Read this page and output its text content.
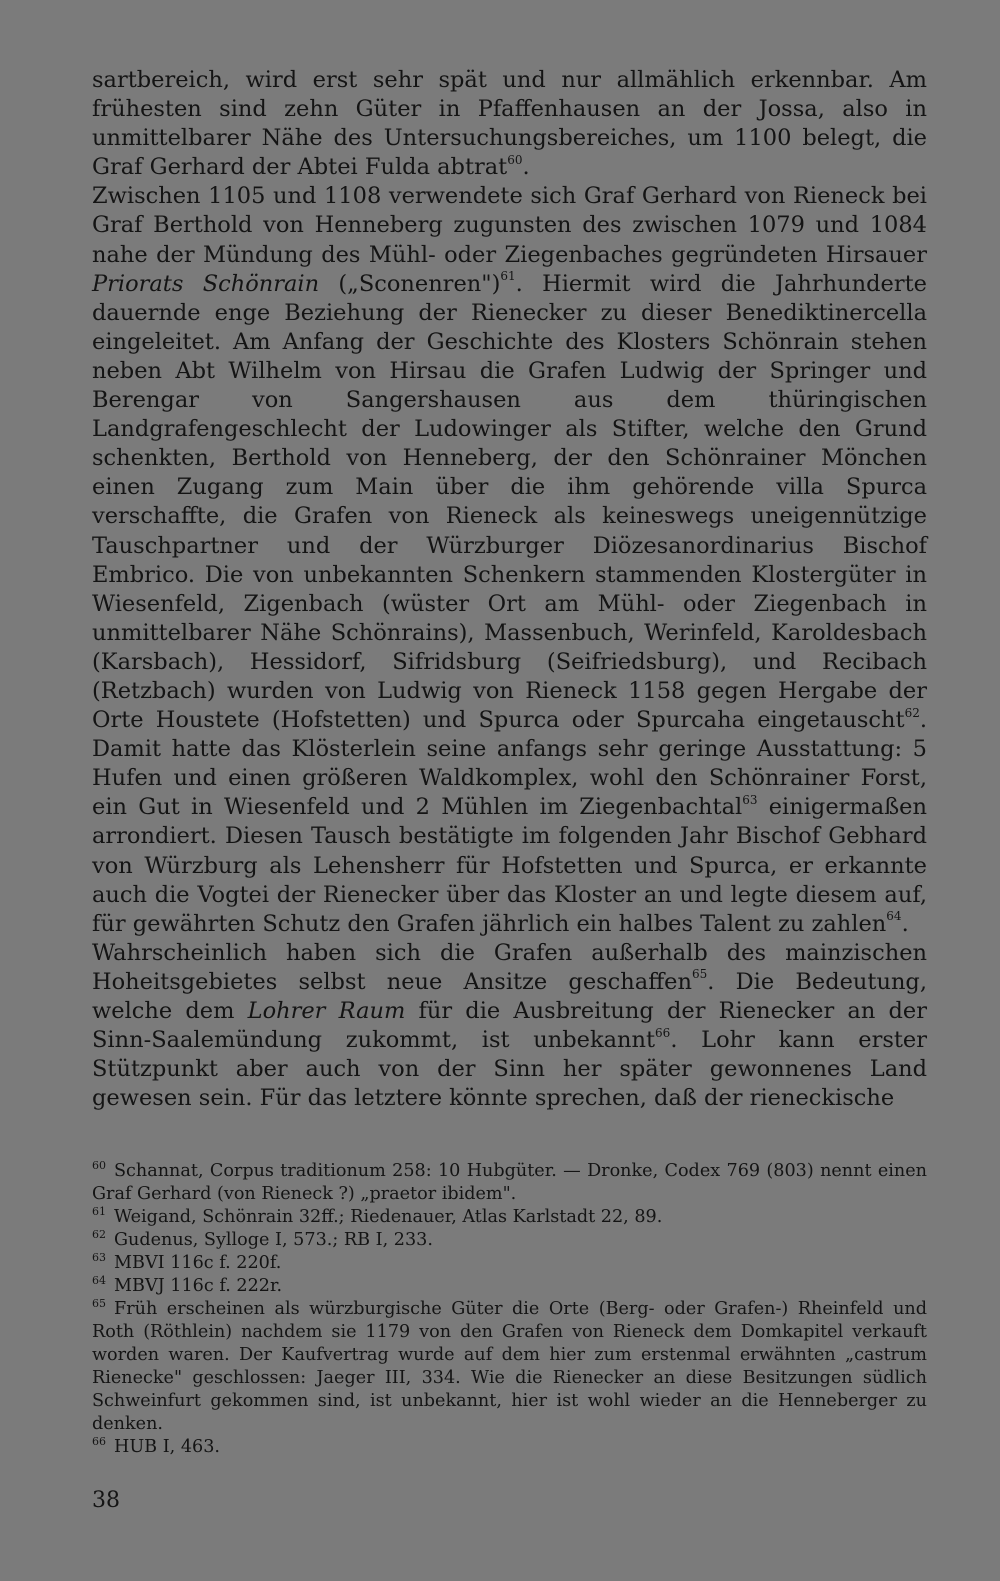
sartbereich, wird erst sehr spät und nur allmählich erkennbar. Am frühesten sind zehn Güter in Pfaffenhausen an der Jossa, also in unmittelbarer Nähe des Untersuchungsbereiches, um 1100 belegt, die Graf Gerhard der Abtei Fulda abtrat$^{60}$.

Zwischen 1105 und 1108 verwendete sich Graf Gerhard von Rieneck bei Graf Berthold von Henneberg zugunsten des zwischen 1079 und 1084 nahe der Mündung des Mühl- oder Ziegenbaches gegründeten Hirsauer Priorats Schönrain („Sconenren")$^{61}$. Hiermit wird die Jahrhunderte dauernde enge Beziehung der Rienecker zu dieser Benediktinercella eingeleitet. Am Anfang der Geschichte des Klosters Schönrain stehen neben Abt Wilhelm von Hirsau die Grafen Ludwig der Springer und Berengar von Sangershausen aus dem thüringischen Landgrafengeschlecht der Ludowinger als Stifter, welche den Grund schenkten, Berthold von Henneberg, der den Schönrainer Mönchen einen Zugang zum Main über die ihm gehörende villa Spurca verschaffte, die Grafen von Rieneck als keineswegs uneigennützige Tauschpartner und der Würzburger Diözesanordinarius Bischof Embrico. Die von unbekannten Schenkern stammenden Klostergüter in Wiesenfeld, Zigenbach (wüster Ort am Mühl- oder Ziegenbach in unmittelbarer Nähe Schönrains), Massenbuch, Werinfeld, Karoldesbach (Karsbach), Hessidorf, Sifridsburg (Seifriedsburg), und Recibach (Retzbach) wurden von Ludwig von Rieneck 1158 gegen Hergabe der Orte Houstete (Hofstetten) und Spurca oder Spurcaha eingetauscht$^{62}$. Damit hatte das Klösterlein seine anfangs sehr geringe Ausstattung: 5 Hufen und einen größeren Waldkomplex, wohl den Schönrainer Forst, ein Gut in Wiesenfeld und 2 Mühlen im Ziegenbachtal$^{63}$ einigermaßen arrondiert. Diesen Tausch bestätigte im folgenden Jahr Bischof Gebhard von Würzburg als Lehensherr für Hofstetten und Spurca, er erkannte auch die Vogtei der Rienecker über das Kloster an und legte diesem auf, für gewährten Schutz den Grafen jährlich ein halbes Talent zu zahlen$^{64}$.

Wahrscheinlich haben sich die Grafen außerhalb des mainzischen Hoheitsgebietes selbst neue Ansitze geschaffen$^{65}$. Die Bedeutung, welche dem Lohrer Raum für die Ausbreitung der Rienecker an der Sinn-Saalemündung zukommt, ist unbekannt$^{66}$. Lohr kann erster Stützpunkt aber auch von der Sinn her später gewonnenes Land gewesen sein. Für das letztere könnte sprechen, daß der rieneckische

$^{60}$ Schannat, Corpus traditionum 258: 10 Hubgüter. — Dronke, Codex 769 (803) nennt einen Graf Gerhard (von Rieneck ?) „praetor ibidem".

$^{61}$ Weigand, Schönrain 32ff.; Riedenauer, Atlas Karlstadt 22, 89.

$^{62}$ Gudenus, Sylloge I, 573.; RB I, 233.

$^{63}$ MBVI 116c f. 220f.

$^{64}$ MBVJ 116c f. 222r.

$^{65}$ Früh erscheinen als würzburgische Güter die Orte (Berg- oder Grafen-) Rheinfeld und Roth (Röthlein) nachdem sie 1179 von den Grafen von Rieneck dem Domkapitel verkauft worden waren. Der Kaufvertrag wurde auf dem hier zum erstenmal erwähnten „castrum Rienecke" geschlossen: Jaeger III, 334. Wie die Rienecker an diese Besitzungen südlich Schweinfurt gekommen sind, ist unbekannt, hier ist wohl wieder an die Henneberger zu denken.

$^{66}$ HUB I, 463.

38
